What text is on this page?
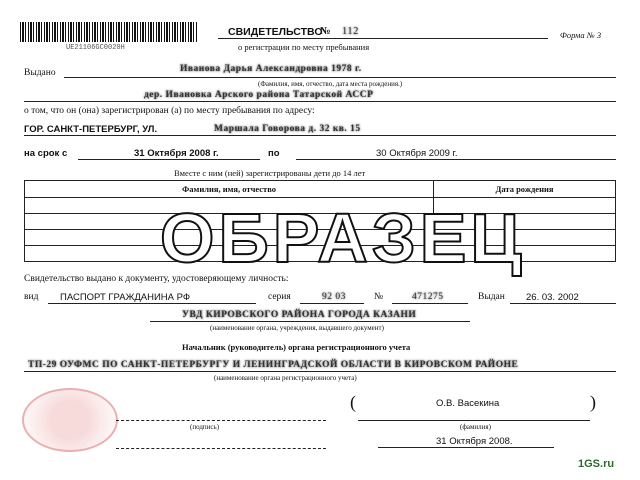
UE21106GC0020H
СВИДЕТЕЛЬСТВО
№ 112	Форма № 3
о регистрации по месту пребывания
Выдано	Иванова Дарья Александровна 1978 г.
(Фамилия, имя, отчество, дата места рождения.)
дер. Ивановка Арского района Татарской АССР
о том, что он (она) зарегистрирован (а) по месту пребывания по адресу:
ГОР. САНКТ-ПЕТЕРБУРГ, УЛ.	Маршала Говорова д. 32 кв. 15
на срок с	31 Октября 2008 г.	по	30 Октября 2009 г.
Вместе с ним (ней) зарегистрированы дети до 14 лет
Фамилия, имя, отчество	Дата рождения

ОБРАЗЕЦ
Свидетельство выдано к документу, удостоверяющему личность:
вид ПАСПОРТ ГРАЖДАНИНА РФ	серия	92 03	№	471275	Выдан 26. 03. 2002
УВД КИРОВСКОГО РАЙОНА ГОРОДА КАЗАНИ
(наименование органа, учреждения, выдавшего документ)
Начальник (руководитель) органа регистрационного учета
ТП-29 ОУФМС ПО САНКТ-ПЕТЕРБУРГУ И ЛЕНИНГРАДСКОЙ ОБЛАСТИ В КИРОВСКОМ РАЙОНЕ
(наименование органа регистрационного учета)
(	О.В. Васекина	)
(подпись)	(фамилия)
31 Октября 2008.
1GS.ru
